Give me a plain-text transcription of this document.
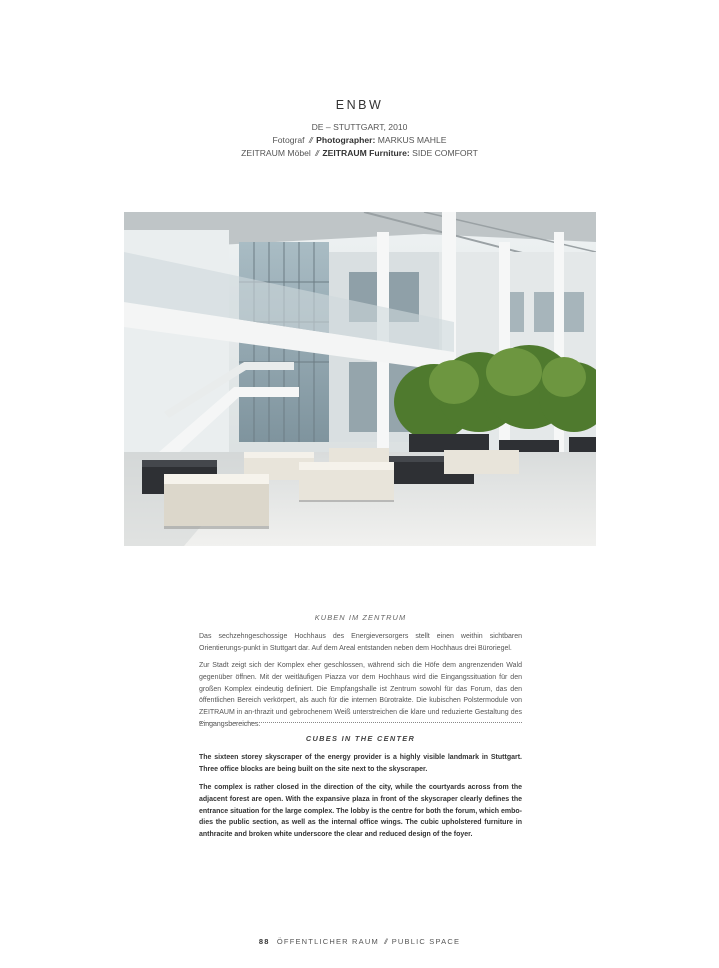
ENBW
DE – STUTTGART, 2010
Fotograf // Photographer: MARKUS MAHLE
ZEITRAUM Möbel // ZEITRAUM Furniture: SIDE COMFORT
KUBEN IM ZENTRUM

Das sechzehngeschossige Hochhaus des Energieversorgers stellt einen weithin sichtbaren Orientierungs-punkt in Stuttgart dar. Auf dem Areal entstanden neben dem Hochhaus drei Büroriegel.

Zur Stadt zeigt sich der Komplex eher geschlossen, während sich die Höfe dem angrenzenden Wald gegenüber öffnen. Mit der weitläufigen Piazza vor dem Hochhaus wird die Eingangssituation für den großen Komplex eindeutig definiert. Die Empfangshalle ist Zentrum sowohl für das Forum, das den öffentlichen Bereich verkörpert, als auch für die internen Bürotrakte. Die kubischen Polstermodule von ZEITRAUM in an-thrazit und gebrochenem Weiß unterstreichen die klare und reduzierte Gestaltung des Eingangsbereiches.

CUBES IN THE CENTER

The sixteen storey skyscraper of the energy provider is a highly visible landmark in Stuttgart. Three office blocks are being built on the site next to the skyscraper.

The complex is rather closed in the direction of the city, while the courtyards across from the adjacent forest are open. With the expansive plaza in front of the skyscraper clearly defines the entrance situation for the large complex. The lobby is the centre for both the forum, which embo-dies the public section, as well as the internal office wings. The cubic upholstered furniture in anthracite and broken white underscore the clear and reduced design of the foyer.

88 ÖFFENTLICHER RAUM // PUBLIC SPACE
